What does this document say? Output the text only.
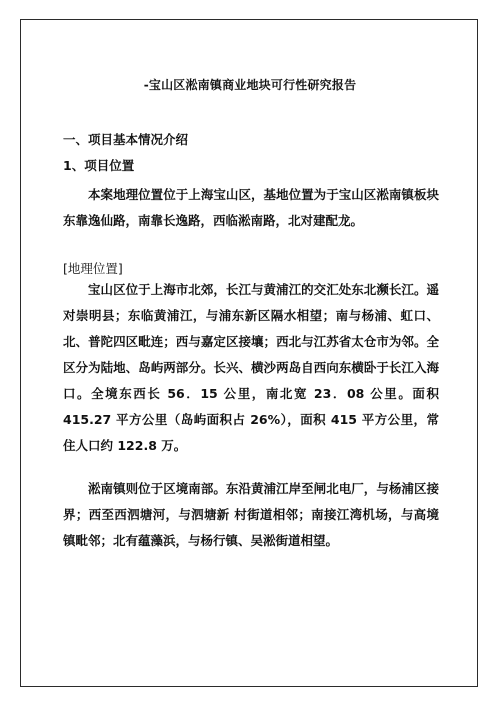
-宝山区淞南镇商业地块可行性研究报告
一、项目基本情况介绍
1、项目位置

本案地理位置位于上海宝山区，基地位置为于宝山区淞南镇板块东靠逸仙路，南靠长逸路，西临淞南路，北对建配龙。

[地理位置]

宝山区位于上海市北郊，长江与黄浦江的交汇处东北濒长江。遥对崇明县；东临黄浦江，与浦东新区隔水相望；南与杨浦、虹口、北、普陀四区毗连；西与嘉定区接壤；西北与江苏省太仓市为邻。全区分为陆地、岛屿两部分。长兴、横沙两岛自西向东横卧于长江入海口。全境东西长 56．15 公里，南北宽 23．08 公里。面积 415.27 平方公里（岛屿面积占 26%），面积 415 平方公里，常住人口约 122.8 万。

淞南镇则位于区境南部。东沿黄浦江岸至闸北电厂，与杨浦区接界；西至西泗塘河，与泗塘新 村街道相邻；南接江湾机场，与高境镇毗邻；北有蕴藻浜，与杨行镇、吴淞街道相望。
